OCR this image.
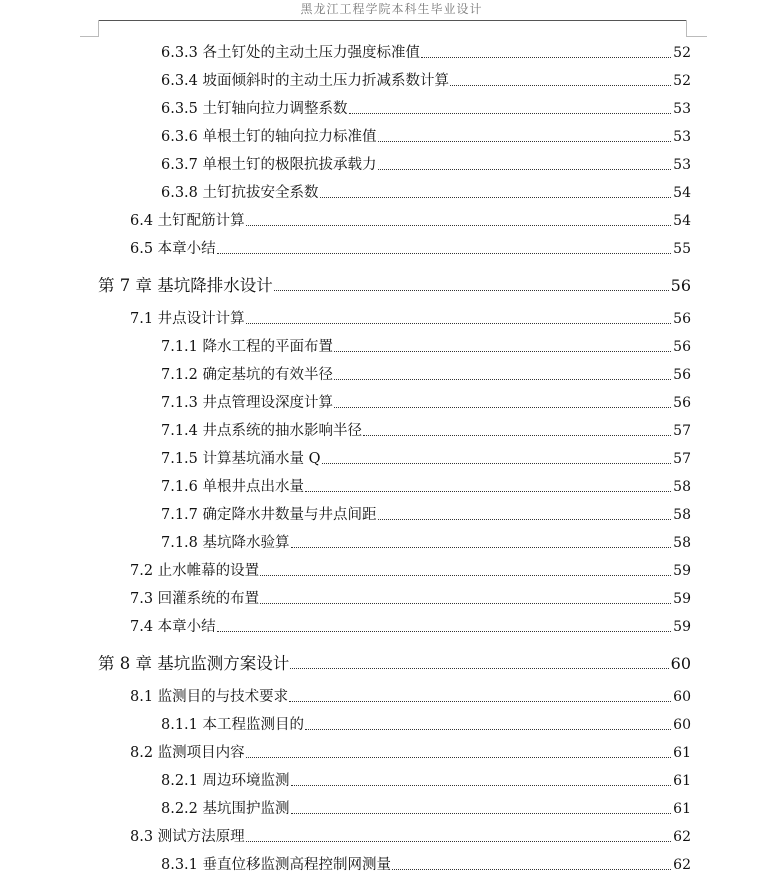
黑龙江工程学院本科生毕业设计
6.3.3 各土钉处的主动土压力强度标准值	52
6.3.4 坡面倾斜时的主动土压力折减系数计算	52
6.3.5 土钉轴向拉力调整系数	53
6.3.6 单根土钉的轴向拉力标准值	53
6.3.7 单根土钉的极限抗拔承载力	53
6.3.8 土钉抗拔安全系数	54
6.4 土钉配筋计算	54
6.5 本章小结	55
第 7 章 基坑降排水设计	56
7.1 井点设计计算	56
7.1.1 降水工程的平面布置	56
7.1.2 确定基坑的有效半径	56
7.1.3 井点管理设深度计算	56
7.1.4 井点系统的抽水影响半径	57
7.1.5 计算基坑涌水量 Q	57
7.1.6 单根井点出水量	58
7.1.7 确定降水井数量与井点间距	58
7.1.8 基坑降水验算	58
7.2 止水帷幕的设置	59
7.3 回灌系统的布置	59
7.4 本章小结	59
第 8 章 基坑监测方案设计	60
8.1 监测目的与技术要求	60
8.1.1 本工程监测目的	60
8.2 监测项目内容	61
8.2.1 周边环境监测	61
8.2.2 基坑围护监测	61
8.3 测试方法原理	62
8.3.1 垂直位移监测高程控制网测量	62
